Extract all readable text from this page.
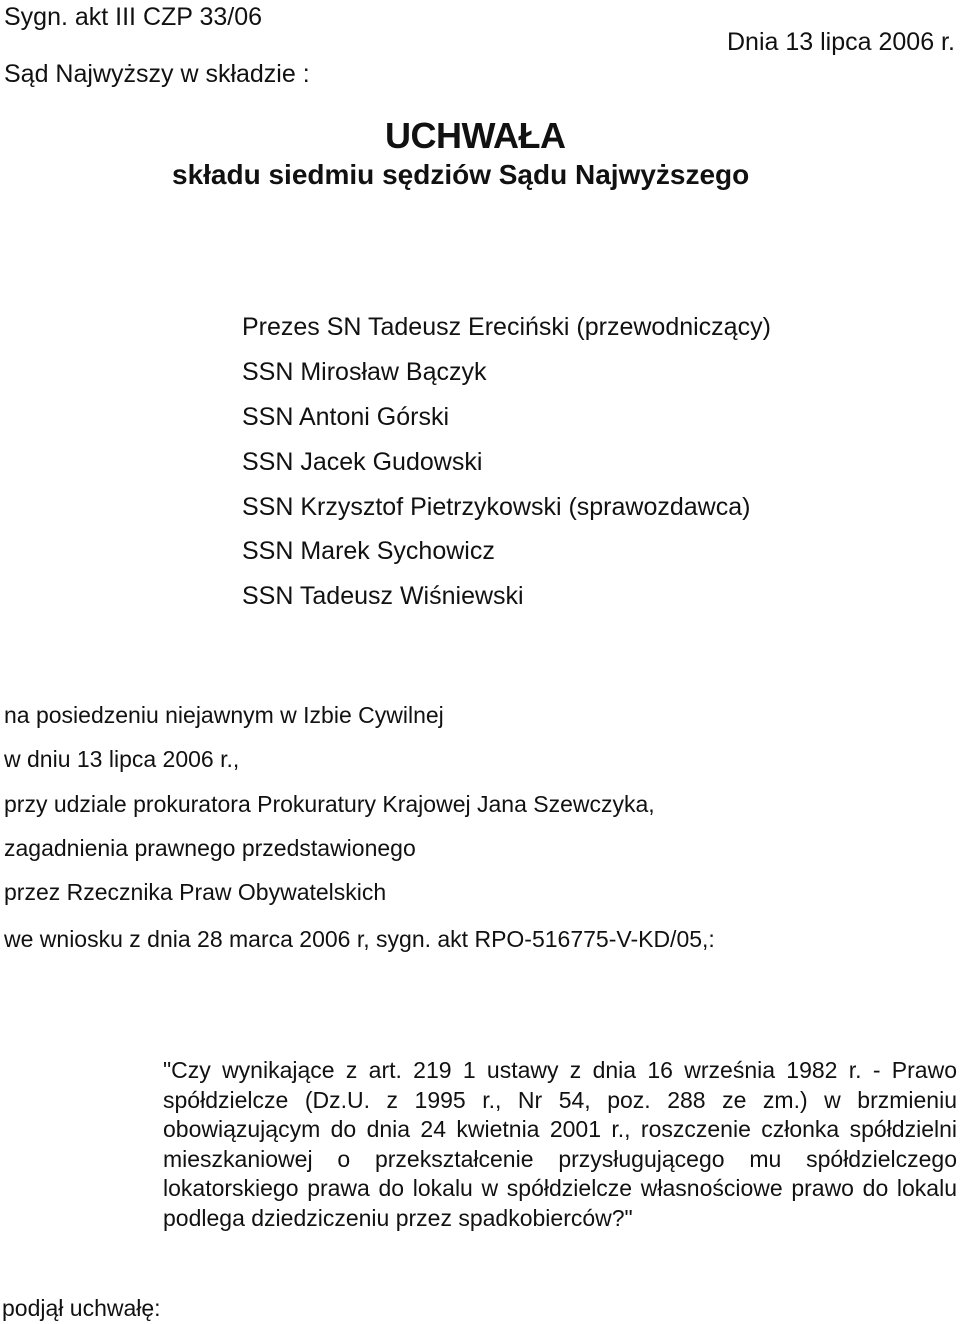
Sygn. akt III CZP 33/06

UCHWAŁA
składu siedmiu sędziów Sądu Najwyższego

Dnia 13 lipca 2006 r.

Sąd Najwyższy w składzie :

Prezes SN Tadeusz Ereciński (przewodniczący)

SSN Mirosław Bączyk

SSN Antoni Górski

SSN Jacek Gudowski

SSN Krzysztof Pietrzykowski (sprawozdawca)

SSN Marek Sychowicz

SSN Tadeusz Wiśniewski

na posiedzeniu niejawnym w Izbie Cywilnej

w dniu 13 lipca 2006 r.,

przy udziale prokuratora Prokuratury Krajowej Jana Szewczyka,

zagadnienia prawnego przedstawionego

przez Rzecznika Praw Obywatelskich

we wniosku z dnia 28 marca 2006 r, sygn. akt RPO-516775-V-KD/05,:

"Czy wynikające z art. 219 1 ustawy z dnia 16 września 1982 r. - Prawo spółdzielcze (Dz.U. z 1995 r., Nr 54, poz. 288 ze zm.) w brzmieniu obowiązującym do dnia 24 kwietnia 2001 r., roszczenie członka spółdzielni mieszkaniowej o przekształcenie przysługującego mu spółdzielczego lokatorskiego prawa do lokalu w spółdzielcze własnościowe prawo do lokalu podlega dziedziczeniu przez spadkobierców?"

podjął uchwałę:
